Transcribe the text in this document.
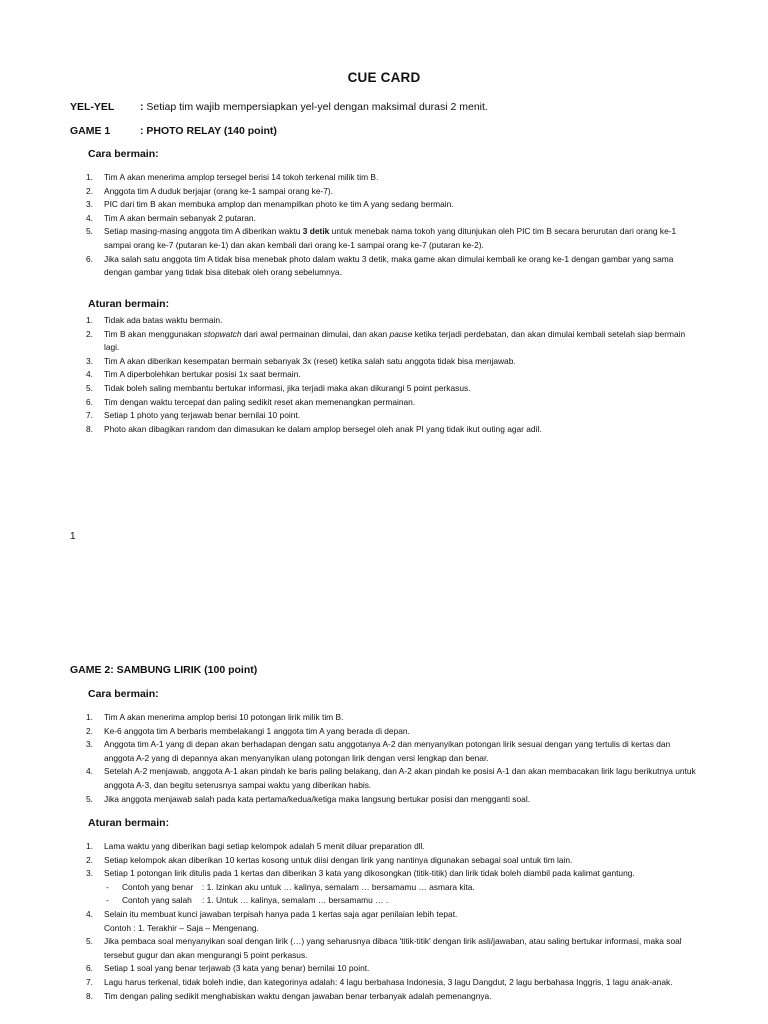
CUE CARD
YEL-YEL : Setiap tim wajib mempersiapkan yel-yel dengan maksimal durasi 2 menit.
GAME 1	: PHOTO RELAY (140 point)
Cara bermain:
1. Tim A akan menerima amplop tersegel berisi 14 tokoh terkenal milik tim B.
2. Anggota tim A duduk berjajar (orang ke-1 sampai orang ke-7).
3. PIC dari tim B akan membuka amplop dan menampilkan photo ke tim A yang sedang bermain.
4. Tim A akan bermain sebanyak 2 putaran.
5. Setiap masing-masing anggota tim A diberikan waktu 3 detik untuk menebak nama tokoh yang ditunjukan oleh PIC tim B secara berurutan dari orang ke-1 sampai orang ke-7 (putaran ke-1) dan akan kembali dari orang ke-1 sampai orang ke-7 (putaran ke-2).
6. Jika salah satu anggota tim A tidak bisa menebak photo dalam waktu 3 detik, maka game akan dimulai kembali ke orang ke-1 dengan gambar yang sama dengan gambar yang tidak bisa ditebak oleh orang sebelumnya.
Aturan bermain:
1. Tidak ada batas waktu bermain.
2. Tim B akan menggunakan stopwatch dari awal permainan dimulai, dan akan pause ketika terjadi perdebatan, dan akan dimulai kembali setelah siap bermain lagi.
3. Tim A akan diberikan kesempatan bermain sebanyak 3x (reset) ketika salah satu anggota tidak bisa menjawab.
4. Tim A diperbolehkan bertukar posisi 1x saat bermain.
5. Tidak boleh saling membantu bertukar informasi, jika terjadi maka akan dikurangi 5 point perkasus.
6. Tim dengan waktu tercepat dan paling sedikit reset akan memenangkan permainan.
7. Setiap 1 photo yang terjawab benar bernilai 10 point.
8. Photo akan dibagikan random dan dimasukan ke dalam amplop bersegel oleh anak PI yang tidak ikut outing agar adil.
1
GAME 2: SAMBUNG LIRIK (100 point)
Cara bermain:
1. Tim A akan menerima amplop berisi 10 potongan lirik milik tim B.
2. Ke-6 anggota tim A berbaris membelakangi 1 anggota tim A yang berada di depan.
3. Anggota tim A-1 yang di depan akan berhadapan dengan satu anggotanya A-2 dan menyanyikan potongan lirik sesuai dengan yang tertulis di kertas dan anggota A-2 yang di depannya akan menyanyikan ulang potongan lirik dengan versi lengkap dan benar.
4. Setelah A-2 menjawab, anggota A-1 akan pindah ke baris paling belakang, dan A-2 akan pindah ke posisi A-1 dan akan membacakan lirik lagu berikutnya untuk anggota A-3, dan begitu seterusnya sampai waktu yang diberikan habis.
5. Jika anggota menjawab salah pada kata pertama/kedua/ketiga maka langsung bertukar posisi dan mengganti soal.
Aturan bermain:
1. Lama waktu yang diberikan bagi setiap kelompok adalah 5 menit diluar preparation dll.
2. Setiap kelompok akan diberikan 10 kertas kosong untuk diisi dengan lirik yang nantinya digunakan sebagai soal untuk tim lain.
3. Setiap 1 potongan lirik ditulis pada 1 kertas dan diberikan 3 kata yang dikosongkan (titik-titik) dan lirik tidak boleh diambil pada kalimat gantung.
- Contoh yang benar : 1. Izinkan aku untuk … kalinya, semalam … bersamamu … asmara kita.
- Contoh yang salah : 1. Untuk … kalinya, semalam … bersamamu … .
4. Selain itu membuat kunci jawaban terpisah hanya pada 1 kertas saja agar penilaian lebih tepat.
Contoh : 1. Terakhir – Saja – Mengenang.
5. Jika pembaca soal menyanyikan soal dengan lirik (…) yang seharusnya dibaca 'titik-titik' dengan lirik asli/jawaban, atau saling bertukar informasi, maka soal tersebut gugur dan akan mengurangi 5 point perkasus.
6. Setiap 1 soal yang benar terjawab (3 kata yang benar) bernilai 10 point.
7. Lagu harus terkenal, tidak boleh indie, dan kategorinya adalah: 4 lagu berbahasa Indonesia, 3 lagu Dangdut, 2 lagu berbahasa Inggris, 1 lagu anak-anak.
8. Tim dengan paling sedikit menghabiskan waktu dengan jawaban benar terbanyak adalah pemenangnya.
